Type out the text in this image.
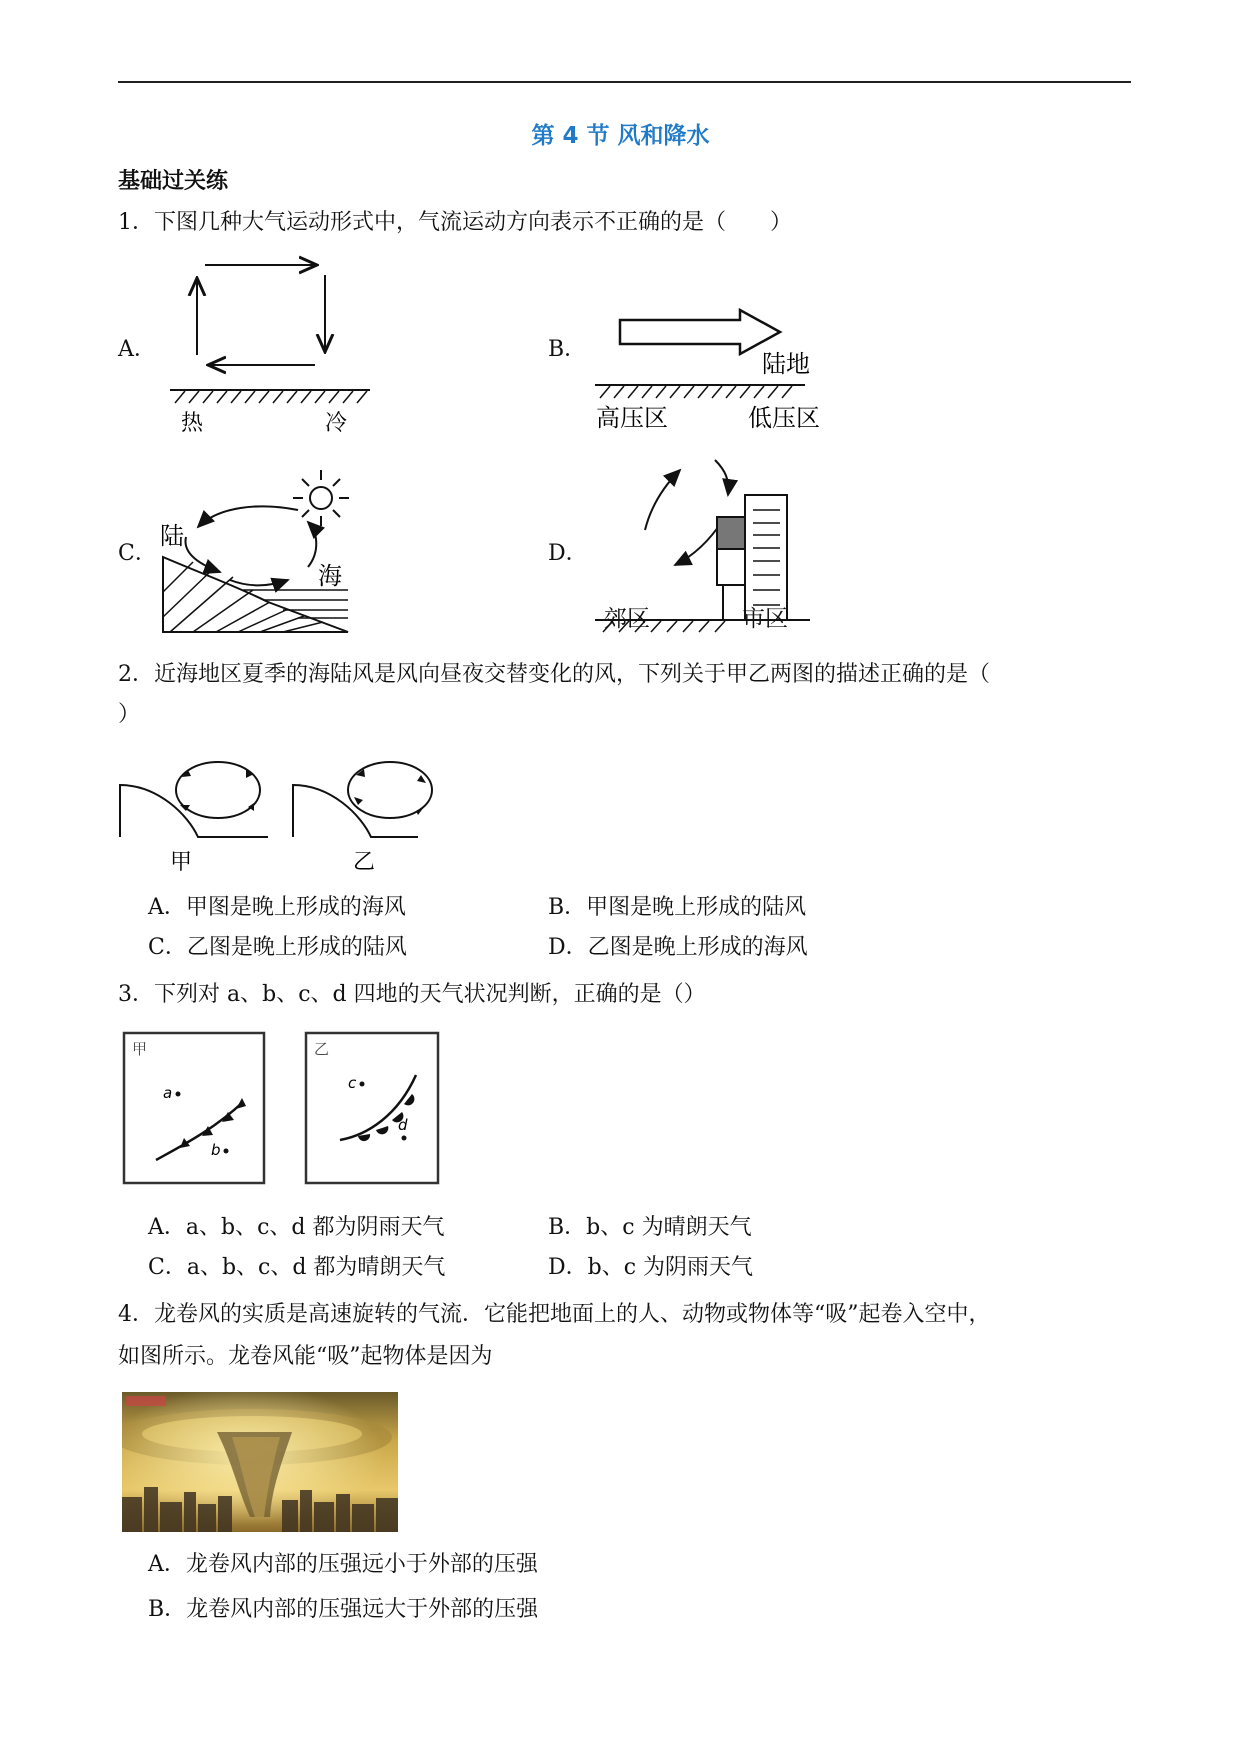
第 4 节 风和降水
基础过关练
1．下图几种大气运动形式中，气流运动方向表示不正确的是（　　）
A．
热	冷
B．
陆地
高压区	低压区
C．
陆
海
D．
郊区	市区
2．近海地区夏季的海陆风是风向昼夜交替变化的风，下列关于甲乙两图的描述正确的是（
）
甲	乙
A．甲图是晚上形成的海风	B．甲图是晚上形成的陆风
C．乙图是晚上形成的陆风	D．乙图是晚上形成的海风
3．下列对 a、b、c、d 四地的天气状况判断，正确的是（）
甲
a
b
乙
c
d
A．a、b、c、d 都为阴雨天气	B．b、c 为晴朗天气
C．a、b、c、d 都为晴朗天气	D．b、c 为阴雨天气
4．龙卷风的实质是高速旋转的气流．它能把地面上的人、动物或物体等“吸”起卷入空中，
如图所示。龙卷风能“吸”起物体是因为
A．龙卷风内部的压强远小于外部的压强
B．龙卷风内部的压强远大于外部的压强
